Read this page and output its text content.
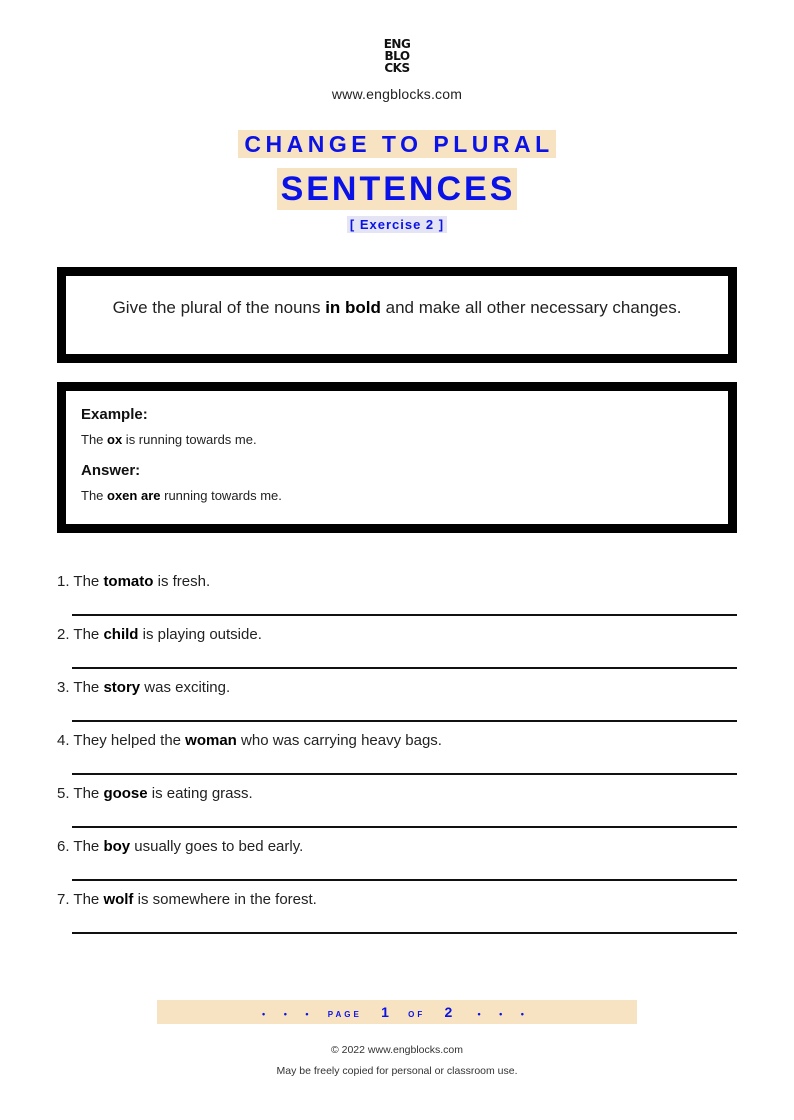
ENG
BLO
CKS
www.engblocks.com
CHANGE TO PLURAL
SENTENCES
[ Exercise 2 ]
Give the plural of the nouns in bold and make all other necessary changes.

Example:

The ox is running towards me.

Answer:

The oxen are running towards me.

1. The tomato is fresh.
2. The child is playing outside.
3. The story was exciting.
4. They helped the woman who was carrying heavy bags.
5. The goose is eating grass.
6. The boy usually goes to bed early.
7. The wolf is somewhere in the forest.
• • • PAGE 1 OF 2	• • •
© 2022 www.engblocks.com
May be freely copied for personal or classroom use.
